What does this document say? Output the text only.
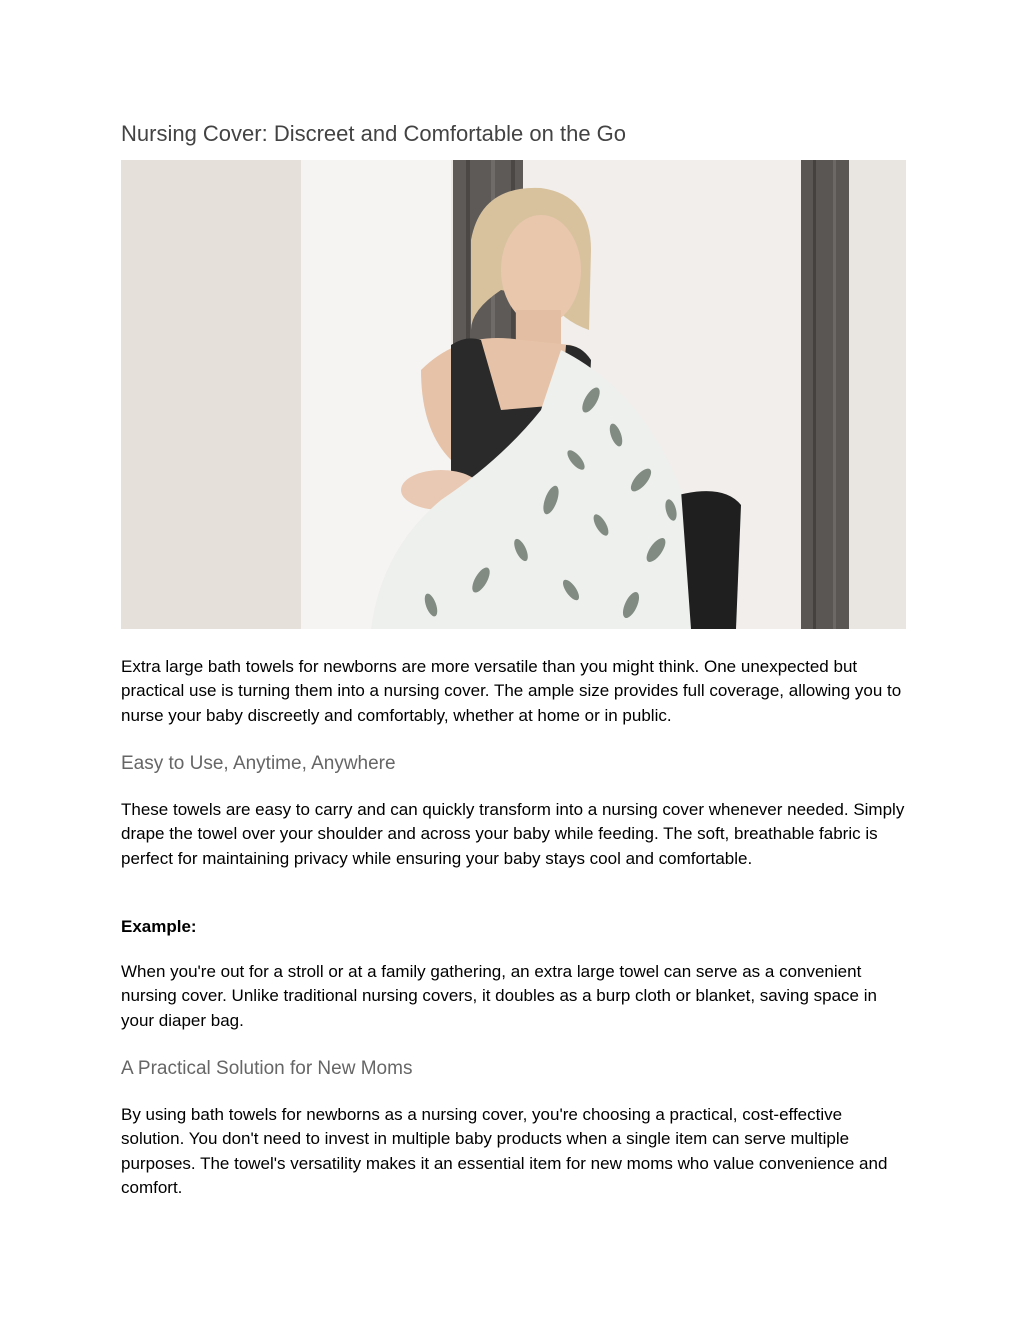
Nursing Cover: Discreet and Comfortable on the Go

Extra large bath towels for newborns are more versatile than you might think. One unexpected but practical use is turning them into a nursing cover. The ample size provides full coverage, allowing you to nurse your baby discreetly and comfortably, whether at home or in public.

Easy to Use, Anytime, Anywhere

These towels are easy to carry and can quickly transform into a nursing cover whenever needed. Simply drape the towel over your shoulder and across your baby while feeding. The soft, breathable fabric is perfect for maintaining privacy while ensuring your baby stays cool and comfortable.

Example:

When you're out for a stroll or at a family gathering, an extra large towel can serve as a convenient nursing cover. Unlike traditional nursing covers, it doubles as a burp cloth or blanket, saving space in your diaper bag.

A Practical Solution for New Moms

By using bath towels for newborns as a nursing cover, you're choosing a practical, cost-effective solution. You don't need to invest in multiple baby products when a single item can serve multiple purposes. The towel's versatility makes it an essential item for new moms who value convenience and comfort.
